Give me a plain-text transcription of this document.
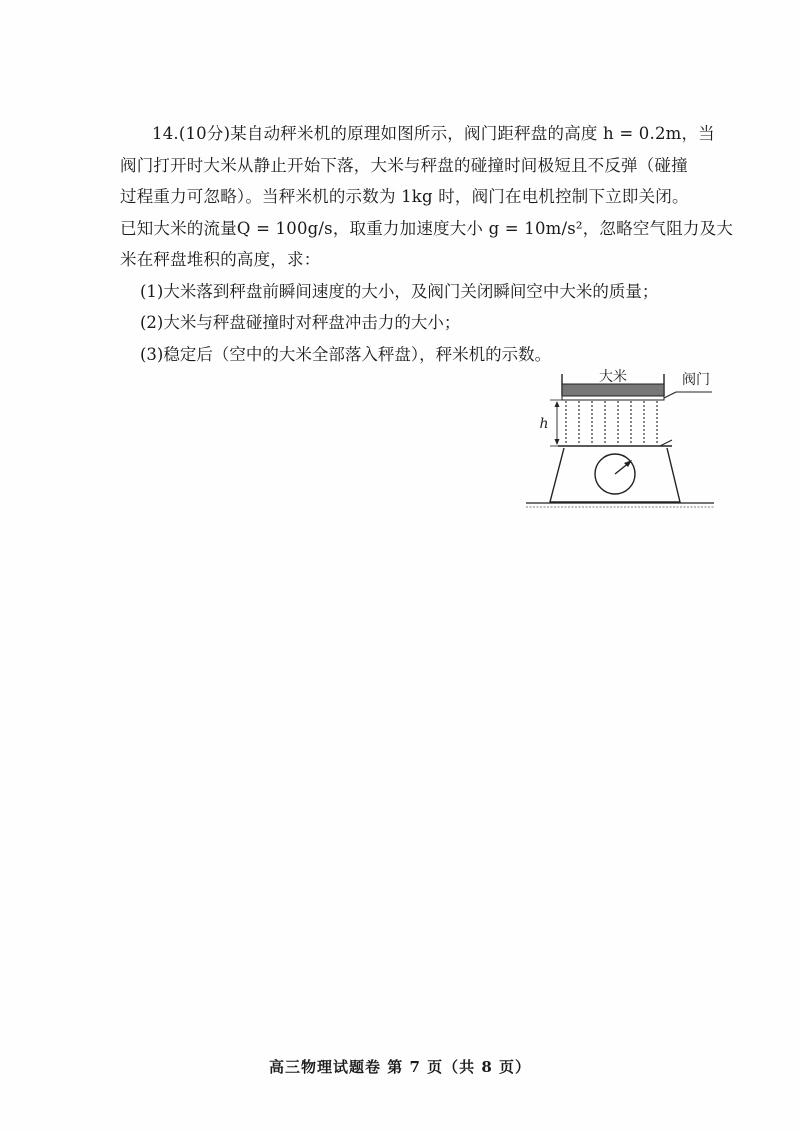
14.(10分)某自动秤米机的原理如图所示，阀门距秤盘的高度 h = 0.2m，当
阀门打开时大米从静止开始下落，大米与秤盘的碰撞时间极短且不反弹（碰撞
过程重力可忽略）。当秤米机的示数为 1kg 时，阀门在电机控制下立即关闭。
已知大米的流量Q = 100g/s，取重力加速度大小 g = 10m/s²，忽略空气阻力及大
米在秤盘堆积的高度，求：
(1)大米落到秤盘前瞬间速度的大小，及阀门关闭瞬间空中大米的质量；
(2)大米与秤盘碰撞时对秤盘冲击力的大小；
(3)稳定后（空中的大米全部落入秤盘），秤米机的示数。
大米	阀门
h
高三物理试题卷 第 7 页（共 8 页）
